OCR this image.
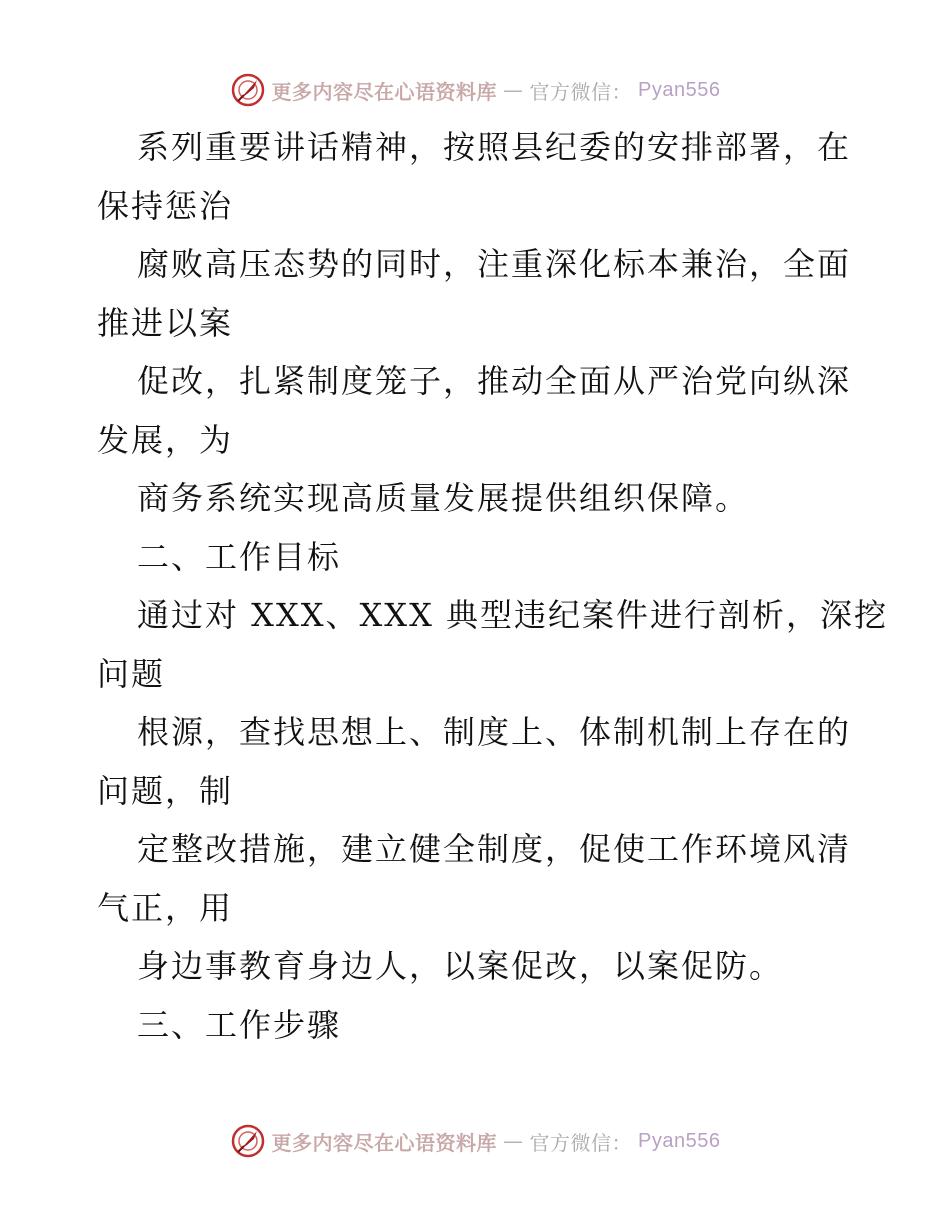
更多内容尽在心语资料库 — 官方微信： Pyan556
系列重要讲话精神，按照县纪委的安排部署，在
保持惩治
腐败高压态势的同时，注重深化标本兼治，全面
推进以案
促改，扎紧制度笼子，推动全面从严治党向纵深
发展，为
商务系统实现高质量发展提供组织保障。
二、工作目标
通过对 XXX、XXX 典型违纪案件进行剖析，深挖
问题
根源，查找思想上、制度上、体制机制上存在的
问题，制
定整改措施，建立健全制度，促使工作环境风清
气正，用
身边事教育身边人，以案促改，以案促防。
三、工作步骤
更多内容尽在心语资料库 — 官方微信： Pyan556
